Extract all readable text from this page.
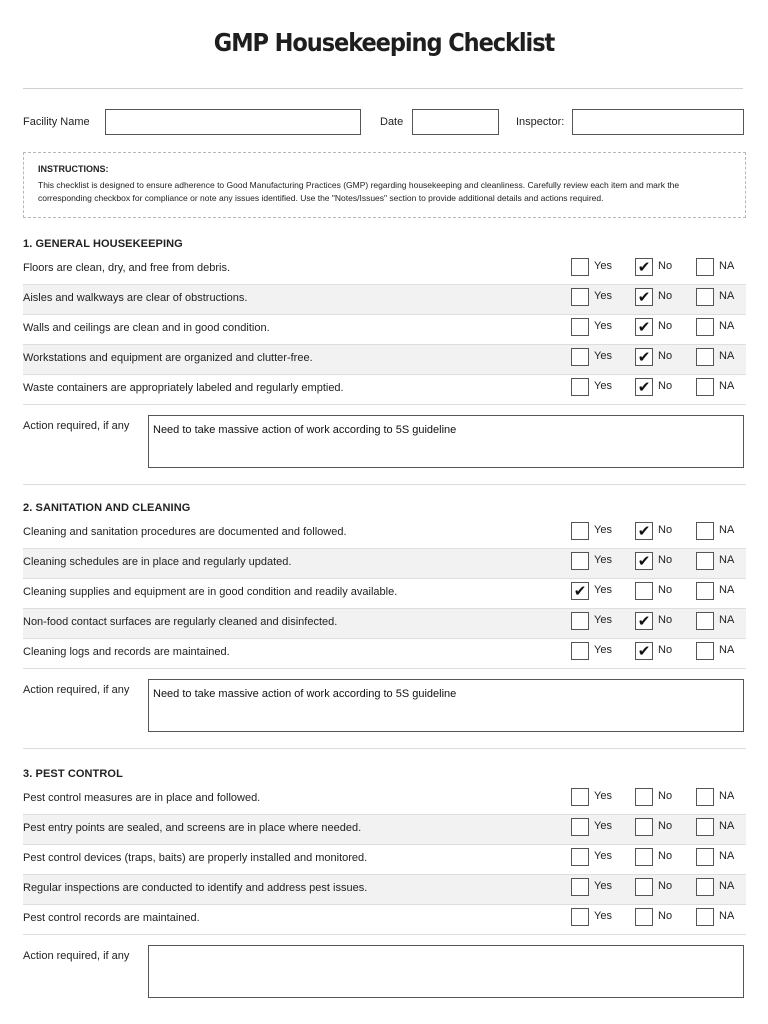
GMP Housekeeping Checklist
Facility Name	Date	Inspector:
INSTRUCTIONS:
This checklist is designed to ensure adherence to Good Manufacturing Practices (GMP) regarding housekeeping and cleanliness. Carefully review each item and mark the corresponding checkbox for compliance or note any issues identified. Use the "Notes/Issues" section to provide additional details and actions required.
1. GENERAL HOUSEKEEPING
Floors are clean, dry, and free from debris.	Yes ✔ No	NA
Aisles and walkways are clear of obstructions.	Yes ✔ No	NA
Walls and ceilings are clean and in good condition.	Yes ✔ No	NA
Workstations and equipment are organized and clutter-free.	Yes ✔ No	NA
Waste containers are appropriately labeled and regularly emptied.	Yes ✔ No	NA
Action required, if any	Need to take massive action of work according to 5S guideline
2. SANITATION AND CLEANING
Cleaning and sanitation procedures are documented and followed.	Yes ✔ No	NA
Cleaning schedules are in place and regularly updated.	Yes ✔ No	NA
Cleaning supplies and equipment are in good condition and readily available.	✔ Yes	No	NA
Non-food contact surfaces are regularly cleaned and disinfected.	Yes ✔ No	NA
Cleaning logs and records are maintained.	Yes ✔ No	NA
Action required, if any	Need to take massive action of work according to 5S guideline
3. PEST CONTROL
Pest control measures are in place and followed.	Yes	No	NA
Pest entry points are sealed, and screens are in place where needed.	Yes	No	NA
Pest control devices (traps, baits) are properly installed and monitored.	Yes	No	NA
Regular inspections are conducted to identify and address pest issues.	Yes	No	NA
Pest control records are maintained.	Yes	No	NA
Action required, if any
